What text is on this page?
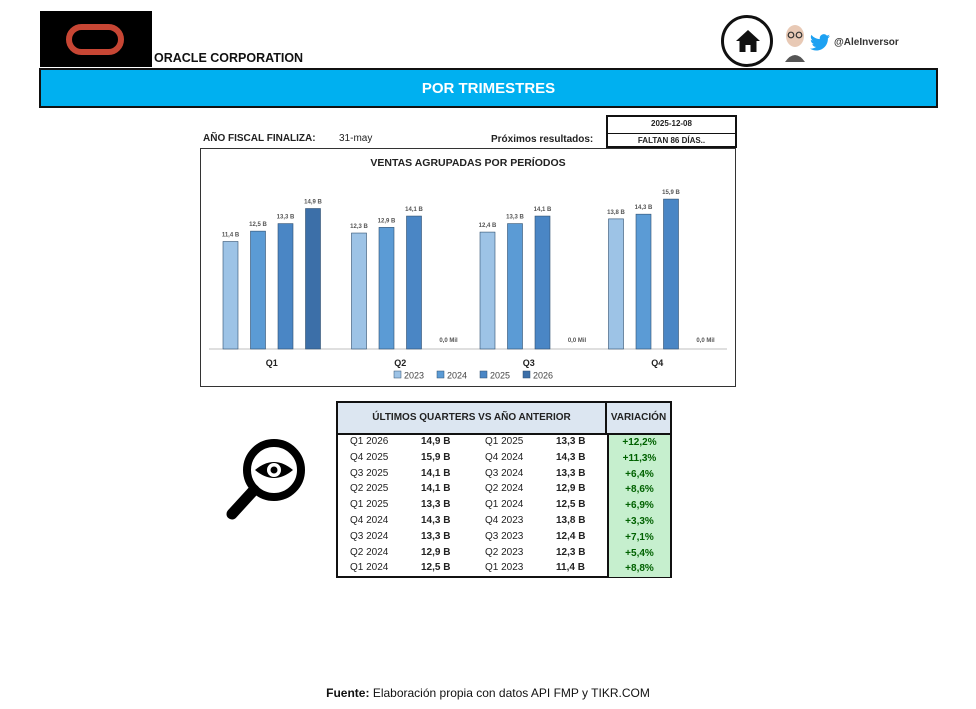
ORACLE CORPORATION
@AleInversor
POR TRIMESTRES
AÑO FISCAL FINALIZA: 31-may	Próximos resultados:
2025-12-08
FALTAN 86 DÍAS..
VENTAS AGRUPADAS POR PERÍODOS
11,4 B
12,5 B
13,3 B
14,9 B
Q1
12,3 B
12,9 B
14,1 B
0,0 Mil
Q2
12,4 B
13,3 B
14,1 B
0,0 Mil
Q3
13,8 B
14,3 B
15,9 B
0,0 Mil
Q4
2023	2024	2025	2026
ÚLTIMOS QUARTERS VS AÑO ANTERIOR	VARIACIÓN
Q1 2026	14,9 B	Q1 2025	13,3 B	+12,2%
Q4 2025	15,9 B	Q4 2024	14,3 B	+11,3%
Q3 2025	14,1 B	Q3 2024	13,3 B	+6,4%
Q2 2025	14,1 B	Q2 2024	12,9 B	+8,6%
Q1 2025	13,3 B	Q1 2024	12,5 B	+6,9%
Q4 2024	14,3 B	Q4 2023	13,8 B	+3,3%
Q3 2024	13,3 B	Q3 2023	12,4 B	+7,1%
Q2 2024	12,9 B	Q2 2023	12,3 B	+5,4%
Q1 2024	12,5 B	Q1 2023	11,4 B	+8,8%
Fuente: Elaboración propia con datos API FMP y TIKR.COM
